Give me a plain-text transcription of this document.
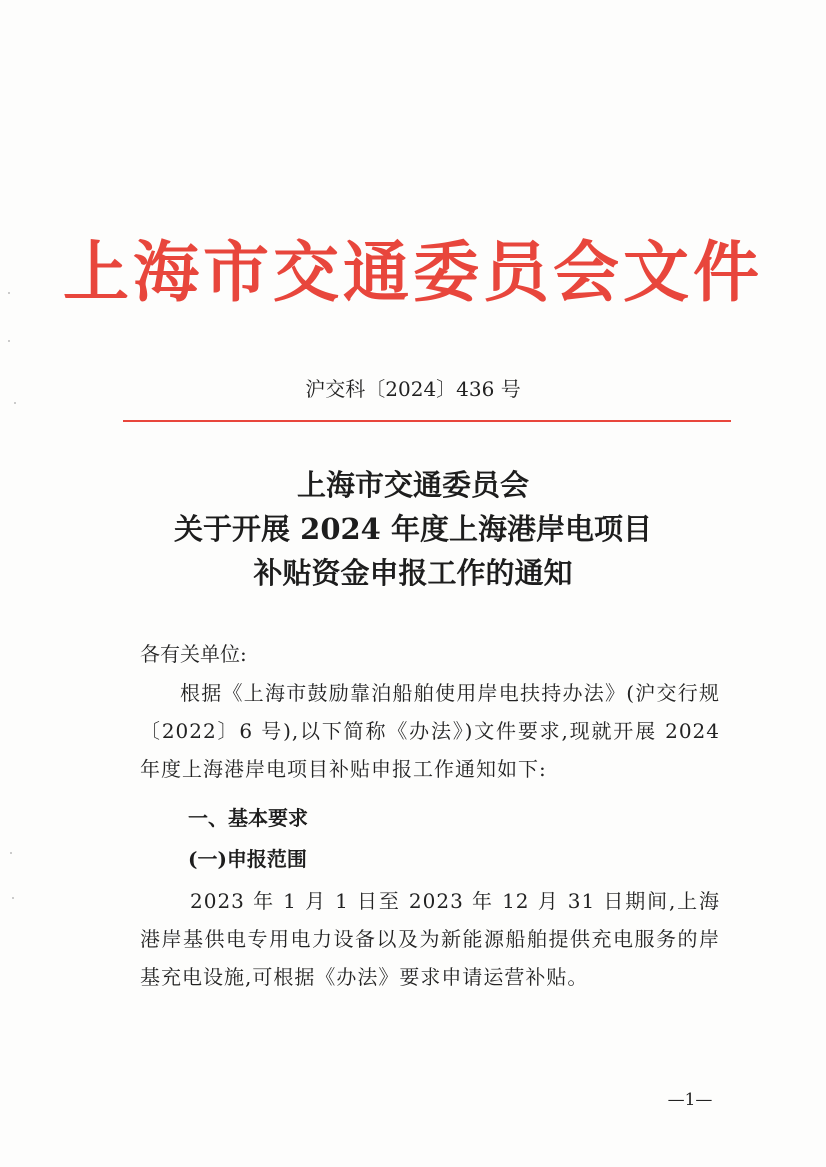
上海市交通委员会文件
沪交科〔2024〕436 号
上海市交通委员会
关于开展 2024 年度上海港岸电项目
补贴资金申报工作的通知
各有关单位:
根据《上海市鼓励靠泊船舶使用岸电扶持办法》(沪交行规〔2022〕6 号),以下简称《办法》)文件要求,现就开展 2024 年度上海港岸电项目补贴申报工作通知如下:
一、基本要求
(一)申报范围
2023 年 1 月 1 日至 2023 年 12 月 31 日期间,上海港岸基供电专用电力设备以及为新能源船舶提供充电服务的岸基充电设施,可根据《办法》要求申请运营补贴。
—1—
